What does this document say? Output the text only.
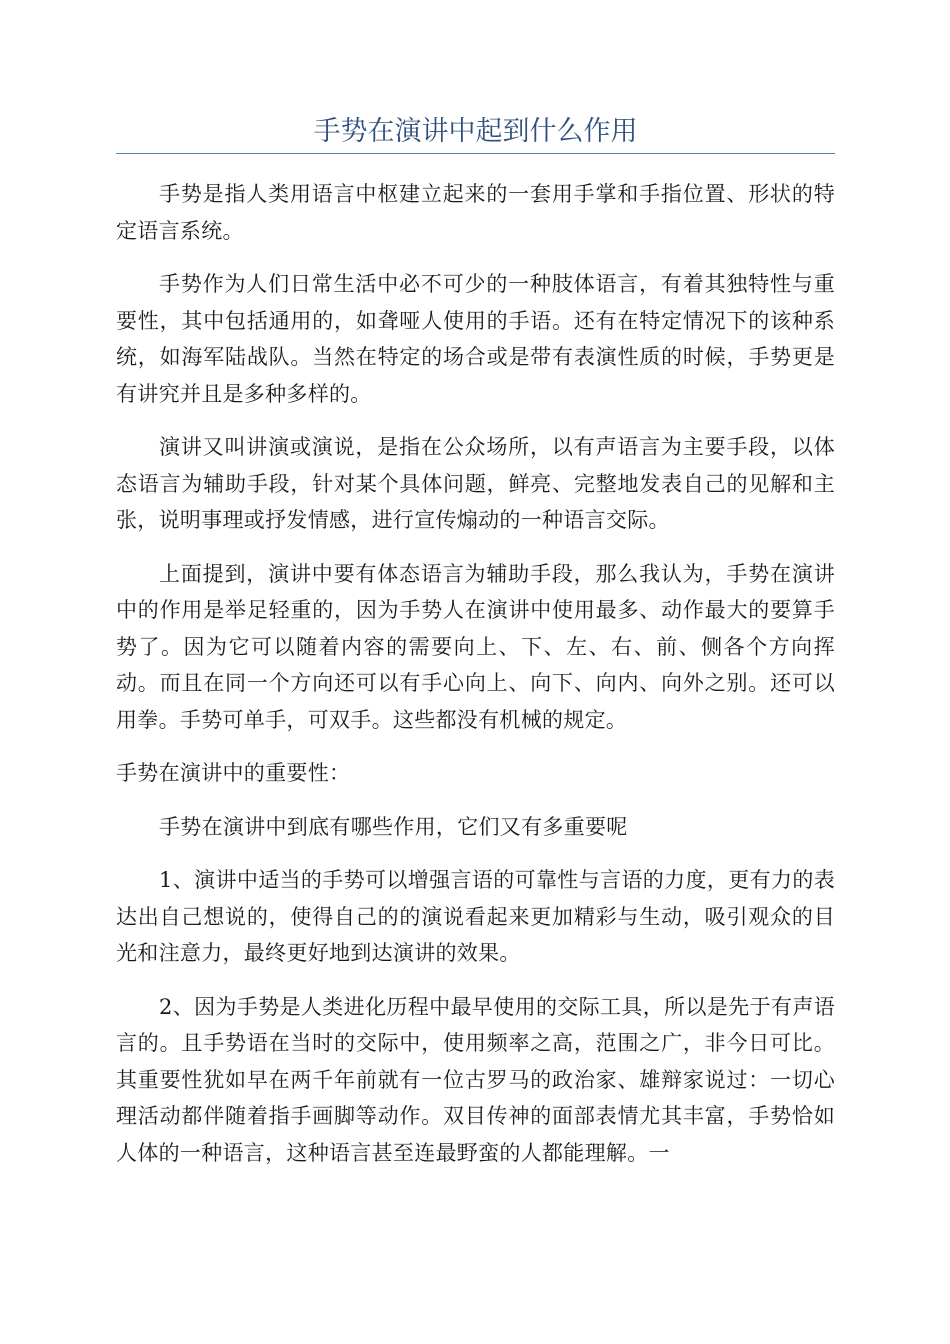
手势在演讲中起到什么作用

手势是指人类用语言中枢建立起来的一套用手掌和手指位置、形状的特定语言系统。

手势作为人们日常生活中必不可少的一种肢体语言，有着其独特性与重要性，其中包括通用的，如聋哑人使用的手语。还有在特定情况下的该种系统，如海军陆战队。当然在特定的场合或是带有表演性质的时候，手势更是有讲究并且是多种多样的。

演讲又叫讲演或演说，是指在公众场所，以有声语言为主要手段，以体态语言为辅助手段，针对某个具体问题，鲜亮、完整地发表自己的见解和主张，说明事理或抒发情感，进行宣传煽动的一种语言交际。

上面提到，演讲中要有体态语言为辅助手段，那么我认为，手势在演讲中的作用是举足轻重的，因为手势人在演讲中使用最多、动作最大的要算手势了。因为它可以随着内容的需要向上、下、左、右、前、侧各个方向挥动。而且在同一个方向还可以有手心向上、向下、向内、向外之别。还可以用拳。手势可单手，可双手。这些都没有机械的规定。

手势在演讲中的重要性：

手势在演讲中到底有哪些作用，它们又有多重要呢

1、演讲中适当的手势可以增强言语的可靠性与言语的力度，更有力的表达出自己想说的，使得自己的的演说看起来更加精彩与生动，吸引观众的目光和注意力，最终更好地到达演讲的效果。

2、因为手势是人类进化历程中最早使用的交际工具，所以是先于有声语言的。且手势语在当时的交际中，使用频率之高，范围之广，非今日可比。其重要性犹如早在两千年前就有一位古罗马的政治家、雄辩家说过：一切心理活动都伴随着指手画脚等动作。双目传神的面部表情尤其丰富，手势恰如人体的一种语言，这种语言甚至连最野蛮的人都能理解。一
